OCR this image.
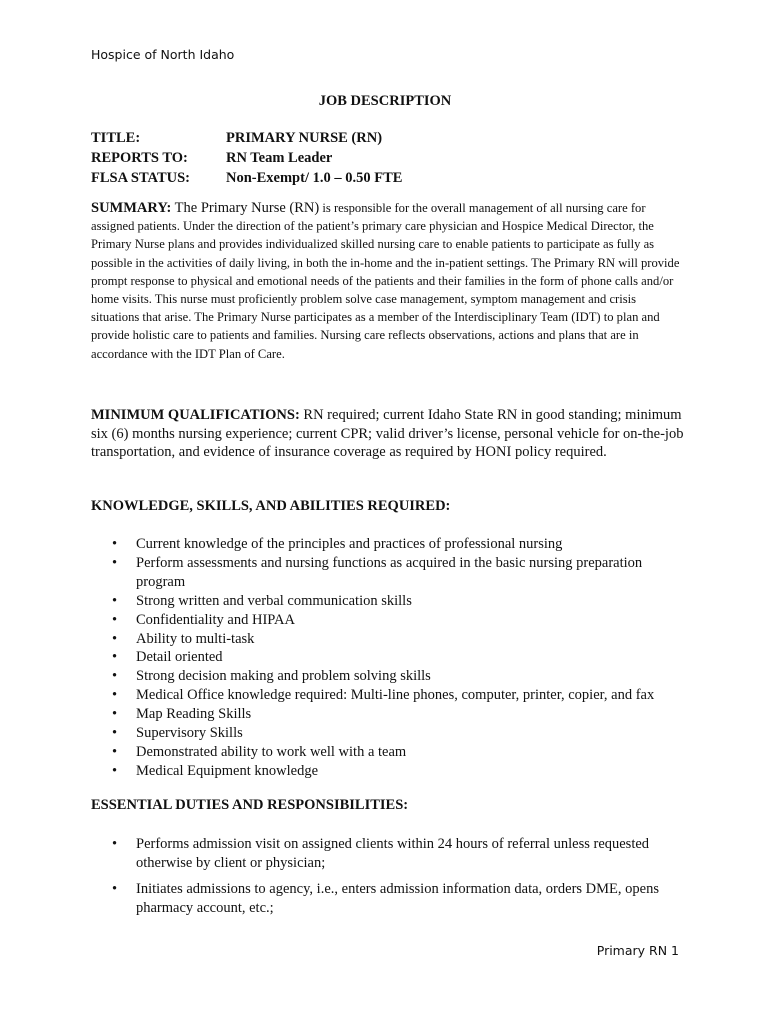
Hospice of North Idaho
JOB DESCRIPTION
TITLE:	PRIMARY NURSE (RN)
REPORTS TO:	RN Team Leader
FLSA STATUS:	Non-Exempt/ 1.0 – 0.50 FTE
SUMMARY: The Primary Nurse (RN) is responsible for the overall management of all nursing care for assigned patients. Under the direction of the patient’s primary care physician and Hospice Medical Director, the Primary Nurse plans and provides individualized skilled nursing care to enable patients to participate as fully as possible in the activities of daily living, in both the in-home and the in-patient settings. The Primary RN will provide prompt response to physical and emotional needs of the patients and their families in the form of phone calls and/or home visits. This nurse must proficiently problem solve case management, symptom management and crisis situations that arise. The Primary Nurse participates as a member of the Interdisciplinary Team (IDT) to plan and provide holistic care to patients and families. Nursing care reflects observations, actions and plans that are in accordance with the IDT Plan of Care.
MINIMUM QUALIFICATIONS: RN required; current Idaho State RN in good standing; minimum six (6) months nursing experience; current CPR; valid driver’s license, personal vehicle for on-the-job transportation, and evidence of insurance coverage as required by HONI policy required.
KNOWLEDGE, SKILLS, AND ABILITIES REQUIRED:
• Current knowledge of the principles and practices of professional nursing
• Perform assessments and nursing functions as acquired in the basic nursing preparation program
• Strong written and verbal communication skills
• Confidentiality and HIPAA
• Ability to multi-task
• Detail oriented
• Strong decision making and problem solving skills
• Medical Office knowledge required: Multi-line phones, computer, printer, copier, and fax
• Map Reading Skills
• Supervisory Skills
• Demonstrated ability to work well with a team
• Medical Equipment knowledge
ESSENTIAL DUTIES AND RESPONSIBILITIES:
• Performs admission visit on assigned clients within 24 hours of referral unless requested otherwise by client or physician;
• Initiates admissions to agency, i.e., enters admission information data, orders DME, opens pharmacy account, etc.;
Primary RN 1
